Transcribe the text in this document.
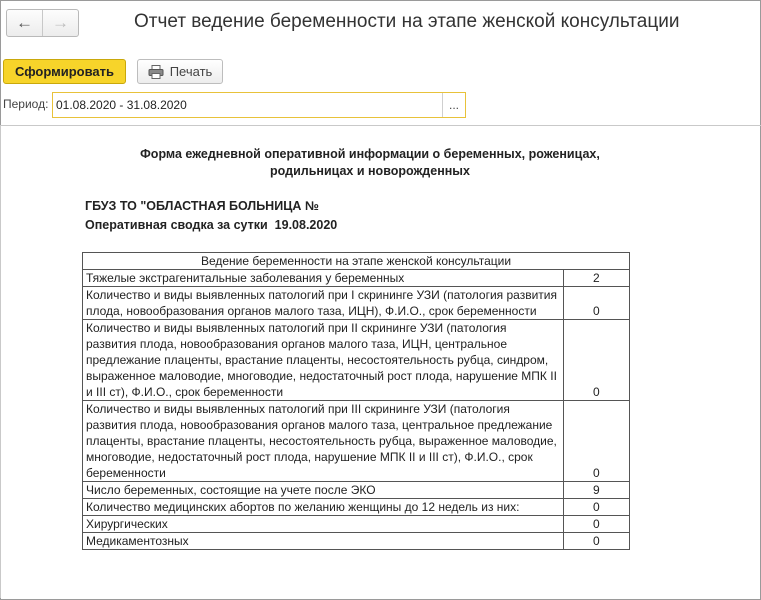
←	→	Отчет ведение беременности на этапе женской консультации
Сформировать	Печать
Период:
01.08.2020 - 31.08.2020	...
Форма ежедневной оперативной информации о беременных, роженицах,
родильницах и новорожденных
ГБУЗ ТО "ОБЛАСТНАЯ БОЛЬНИЦА №
Оперативная сводка за сутки  19.08.2020
Ведение беременности на этапе женской консультации	
Тяжелые экстрагенитальные заболевания у беременных	2
Количество и виды выявленных патологий при I скрининге УЗИ (патология развития плода, новообразования органов малого таза, ИЦН), Ф.И.О., срок беременности	0
Количество и виды выявленных патологий при II скрининге УЗИ (патология развития плода, новообразования органов малого таза, ИЦН, центральное предлежание плаценты, врастание плаценты, несостоятельность рубца, синдром, выраженное маловодие, многоводие, недостаточный рост плода, нарушение МПК II и III ст), Ф.И.О., срок беременности	0
Количество и виды выявленных патологий при III скрининге УЗИ (патология развития плода, новообразования органов малого таза, центральное предлежание плаценты, врастание плаценты, несостоятельность рубца, выраженное маловодие, многоводие, недостаточный рост плода, нарушение МПК II и III ст), Ф.И.О., срок беременности	0
Число беременных, состоящие на учете после ЭКО	9
Количество медицинских абортов по желанию женщины до 12 недель из них:	0
Хирургических	0
Медикаментозных	0
